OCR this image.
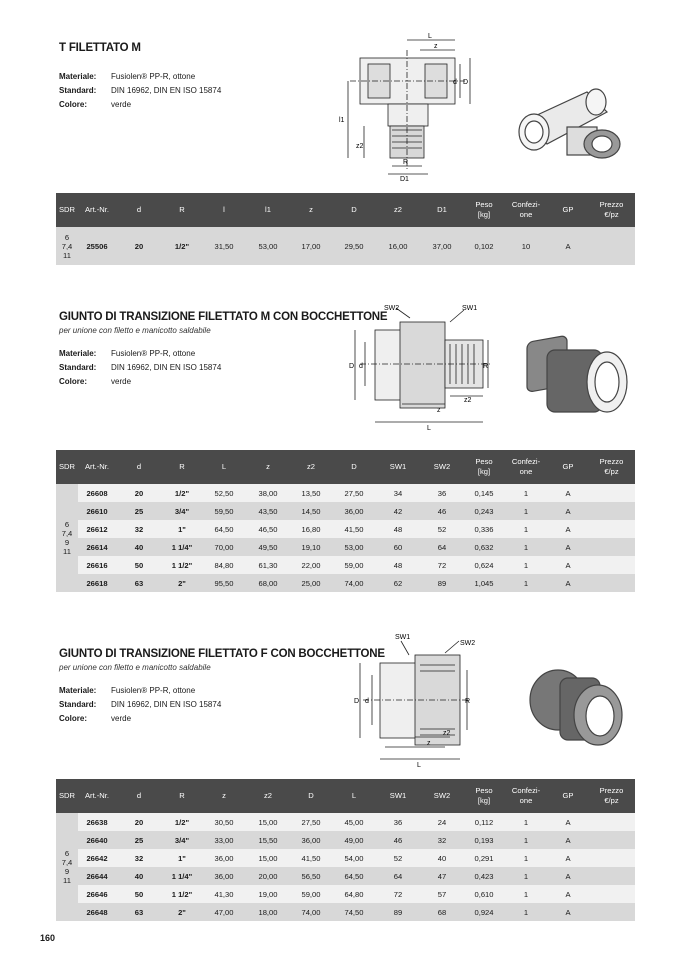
T FILETTATO M
Materiale: Fusiolen® PP-R, ottone
Standard: DIN 16962, DIN EN ISO 15874
Colore:	verde
L
z
d D
l1
z2
R
D1
SDR	Art.-Nr.	d	R	l	l1	z	D	z2	D1	Peso
[kg]	Confezi-
one	GP	Prezzo
€/pz

6
7,4
11	25506	20	1/2"	31,50	53,00	17,00	29,50	16,00	37,00	0,102	10	A	
GIUNTO DI TRANSIZIONE FILETTATO M CON BOCCHETTONE
per unione con filetto e manicotto saldabile
Materiale: Fusiolen® PP-R, ottone
Standard: DIN 16962, DIN EN ISO 15874
Colore:	verde
SW2	SW1
D d	R
z
z2
L
SDR	Art.-Nr.	d	R	L	z	z2	D	SW1	SW2	Peso
[kg]	Confezi-
one	GP	Prezzo
€/pz

6
7,4
9
11	26608	20	1/2"	52,50	38,00	13,50	27,50	34	36	0,145	1	A	
	26610	25	3/4"	59,50	43,50	14,50	36,00	42	46	0,243	1	A	
	26612	32	1"	64,50	46,50	16,80	41,50	48	52	0,336	1	A	
	26614	40	1 1/4"	70,00	49,50	19,10	53,00	60	64	0,632	1	A	
	26616	50	1 1/2"	84,80	61,30	22,00	59,00	48	72	0,624	1	A	
	26618	63	2"	95,50	68,00	25,00	74,00	62	89	1,045	1	A	
GIUNTO DI TRANSIZIONE FILETTATO F CON BOCCHETTONE
per unione con filetto e manicotto saldabile
Materiale: Fusiolen® PP-R, ottone
Standard: DIN 16962, DIN EN ISO 15874
Colore:	verde
SW1
SW2
D d	R
z
z2
L
SDR	Art.-Nr.	d	R	z	z2	D	L	SW1	SW2	Peso
[kg]	Confezi-
one	GP	Prezzo
€/pz

6
7,4
9
11	26638	20	1/2"	30,50	15,00	27,50	45,00	36	24	0,112	1	A	
	26640	25	3/4"	33,00	15,50	36,00	49,00	46	32	0,193	1	A	
	26642	32	1"	36,00	15,00	41,50	54,00	52	40	0,291	1	A	
	26644	40	1 1/4"	36,00	20,00	56,50	64,50	64	47	0,423	1	A	
	26646	50	1 1/2"	41,30	19,00	59,00	64,80	72	57	0,610	1	A	
	26648	63	2"	47,00	18,00	74,00	74,50	89	68	0,924	1	A	
160
